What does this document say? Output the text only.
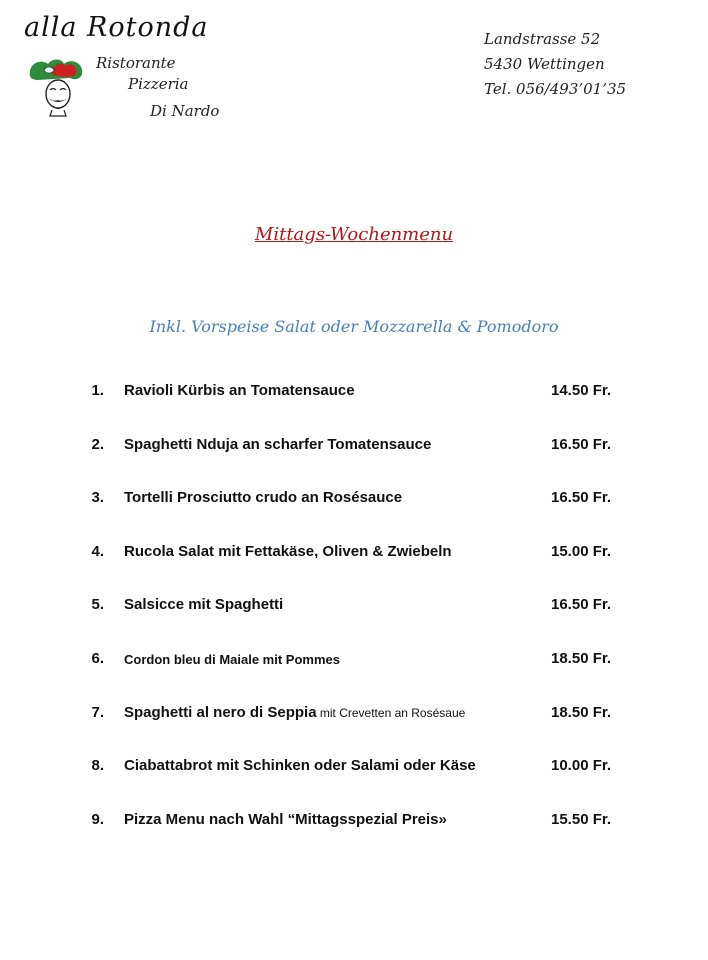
alla Rotonda
Ristorante
Pizzeria
Di Nardo
Landstrasse 52
5430 Wettingen
Tel. 056/493’01’35
Mittags-Wochenmenu
Inkl. Vorspeise Salat oder Mozzarella & Pomodoro
1. Ravioli Kürbis an Tomatensauce	14.50 Fr.
2. Spaghetti Nduja an scharfer Tomatensauce	16.50 Fr.
3. Tortelli Prosciutto crudo an Rosésauce	16.50 Fr.
4. Rucola Salat mit Fettakäse, Oliven & Zwiebeln	15.00 Fr.
5. Salsicce mit Spaghetti	16.50 Fr.
6. Cordon bleu di Maiale mit Pommes	18.50 Fr.
7. Spaghetti al nero di Seppia mit Crevetten an Rosésaue	18.50 Fr.
8. Ciabattabrot mit Schinken oder Salami oder Käse	10.00 Fr.
9. Pizza Menu nach Wahl “Mittagsspezial Preis»	15.50 Fr.
